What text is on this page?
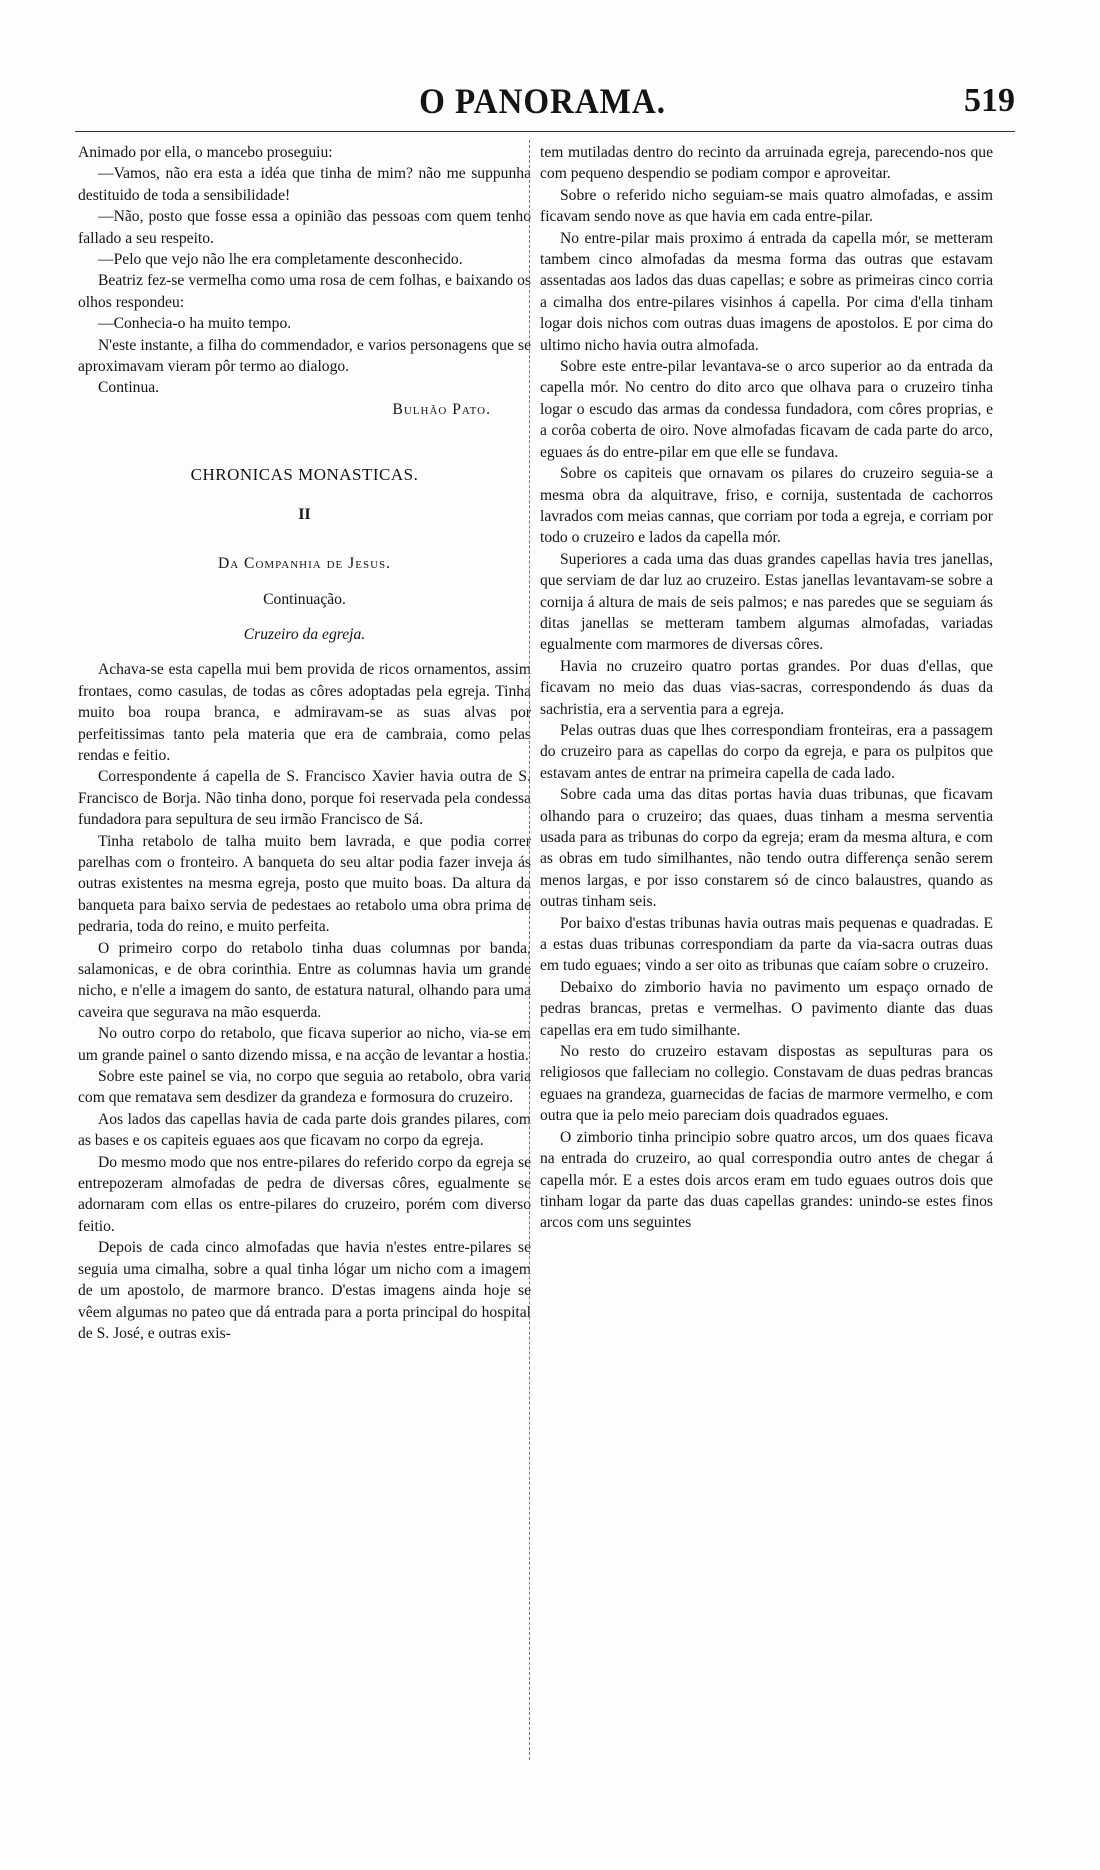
O PANORAMA.	519

Animado por ella, o mancebo proseguiu:

—Vamos, não era esta a idéa que tinha de mim? não me suppunha destituido de toda a sensibilidade!

—Não, posto que fosse essa a opinião das pessoas com quem tenho fallado a seu respeito.

—Pelo que vejo não lhe era completamente desconhecido.

Beatriz fez-se vermelha como uma rosa de cem folhas, e baixando os olhos respondeu:

—Conhecia-o ha muito tempo.

N'este instante, a filha do commendador, e varios personagens que se aproximavam vieram pôr termo ao dialogo.

Continua.

Bulhão Pato.

CHRONICAS MONASTICAS.

II

Da Companhia de Jesus.

Continuação.

Cruzeiro da egreja.

Achava-se esta capella mui bem provida de ricos ornamentos, assim frontaes, como casulas, de todas as côres adoptadas pela egreja. Tinha muito boa roupa branca, e admiravam-se as suas alvas por perfeitissimas tanto pela materia que era de cambraia, como pelas rendas e feitio.

Correspondente á capella de S. Francisco Xavier havia outra de S. Francisco de Borja. Não tinha dono, porque foi reservada pela condessa fundadora para sepultura de seu irmão Francisco de Sá.

Tinha retabolo de talha muito bem lavrada, e que podia correr parelhas com o fronteiro. A banqueta do seu altar podia fazer inveja ás outras existentes na mesma egreja, posto que muito boas. Da altura da banqueta para baixo servia de pedestaes ao retabolo uma obra prima de pedraria, toda do reino, e muito perfeita.

O primeiro corpo do retabolo tinha duas columnas por banda, salamonicas, e de obra corinthia. Entre as columnas havia um grande nicho, e n'elle a imagem do santo, de estatura natural, olhando para uma caveira que segurava na mão esquerda.

No outro corpo do retabolo, que ficava superior ao nicho, via-se em um grande painel o santo dizendo missa, e na acção de levantar a hostia.

Sobre este painel se via, no corpo que seguia ao retabolo, obra varia com que rematava sem desdizer da grandeza e formosura do cruzeiro.

Aos lados das capellas havia de cada parte dois grandes pilares, com as bases e os capiteis eguaes aos que ficavam no corpo da egreja.

Do mesmo modo que nos entre-pilares do referido corpo da egreja se entrepozeram almofadas de pedra de diversas côres, egualmente se adornaram com ellas os entre-pilares do cruzeiro, porém com diverso feitio.

Depois de cada cinco almofadas que havia n'estes entre-pilares se seguia uma cimalha, sobre a qual tinha lógar um nicho com a imagem de um apostolo, de marmore branco. D'estas imagens ainda hoje se vêem algumas no pateo que dá entrada para a porta principal do hospital de S. José, e outras exis-

tem mutiladas dentro do recinto da arruinada egreja, parecendo-nos que com pequeno despendio se podiam compor e aproveitar.

Sobre o referido nicho seguiam-se mais quatro almofadas, e assim ficavam sendo nove as que havia em cada entre-pilar.

No entre-pilar mais proximo á entrada da capella mór, se metteram tambem cinco almofadas da mesma forma das outras que estavam assentadas aos lados das duas capellas; e sobre as primeiras cinco corria a cimalha dos entre-pilares visinhos á capella. Por cima d'ella tinham logar dois nichos com outras duas imagens de apostolos. E por cima do ultimo nicho havia outra almofada.

Sobre este entre-pilar levantava-se o arco superior ao da entrada da capella mór. No centro do dito arco que olhava para o cruzeiro tinha logar o escudo das armas da condessa fundadora, com côres proprias, e a corôa coberta de oiro. Nove almofadas ficavam de cada parte do arco, eguaes ás do entre-pilar em que elle se fundava.

Sobre os capiteis que ornavam os pilares do cruzeiro seguia-se a mesma obra da alquitrave, friso, e cornija, sustentada de cachorros lavrados com meias cannas, que corriam por toda a egreja, e corriam por todo o cruzeiro e lados da capella mór.

Superiores a cada uma das duas grandes capellas havia tres janellas, que serviam de dar luz ao cruzeiro. Estas janellas levantavam-se sobre a cornija á altura de mais de seis palmos; e nas paredes que se seguiam ás ditas janellas se metteram tambem algumas almofadas, variadas egualmente com marmores de diversas côres.

Havia no cruzeiro quatro portas grandes. Por duas d'ellas, que ficavam no meio das duas vias-sacras, correspondendo ás duas da sachristia, era a serventia para a egreja.

Pelas outras duas que lhes correspondiam fronteiras, era a passagem do cruzeiro para as capellas do corpo da egreja, e para os pulpitos que estavam antes de entrar na primeira capella de cada lado.

Sobre cada uma das ditas portas havia duas tribunas, que ficavam olhando para o cruzeiro; das quaes, duas tinham a mesma serventia usada para as tribunas do corpo da egreja; eram da mesma altura, e com as obras em tudo similhantes, não tendo outra differença senão serem menos largas, e por isso constarem só de cinco balaustres, quando as outras tinham seis.

Por baixo d'estas tribunas havia outras mais pequenas e quadradas. E a estas duas tribunas correspondiam da parte da via-sacra outras duas em tudo eguaes; vindo a ser oito as tribunas que caíam sobre o cruzeiro.

Debaixo do zimborio havia no pavimento um espaço ornado de pedras brancas, pretas e vermelhas. O pavimento diante das duas capellas era em tudo similhante.

No resto do cruzeiro estavam dispostas as sepulturas para os religiosos que falleciam no collegio. Constavam de duas pedras brancas eguaes na grandeza, guarnecidas de facias de marmore vermelho, e com outra que ia pelo meio pareciam dois quadrados eguaes.

O zimborio tinha principio sobre quatro arcos, um dos quaes ficava na entrada do cruzeiro, ao qual correspondia outro antes de chegar á capella mór. E a estes dois arcos eram em tudo eguaes outros dois que tinham logar da parte das duas capellas grandes: unindo-se estes finos arcos com uns seguintes
